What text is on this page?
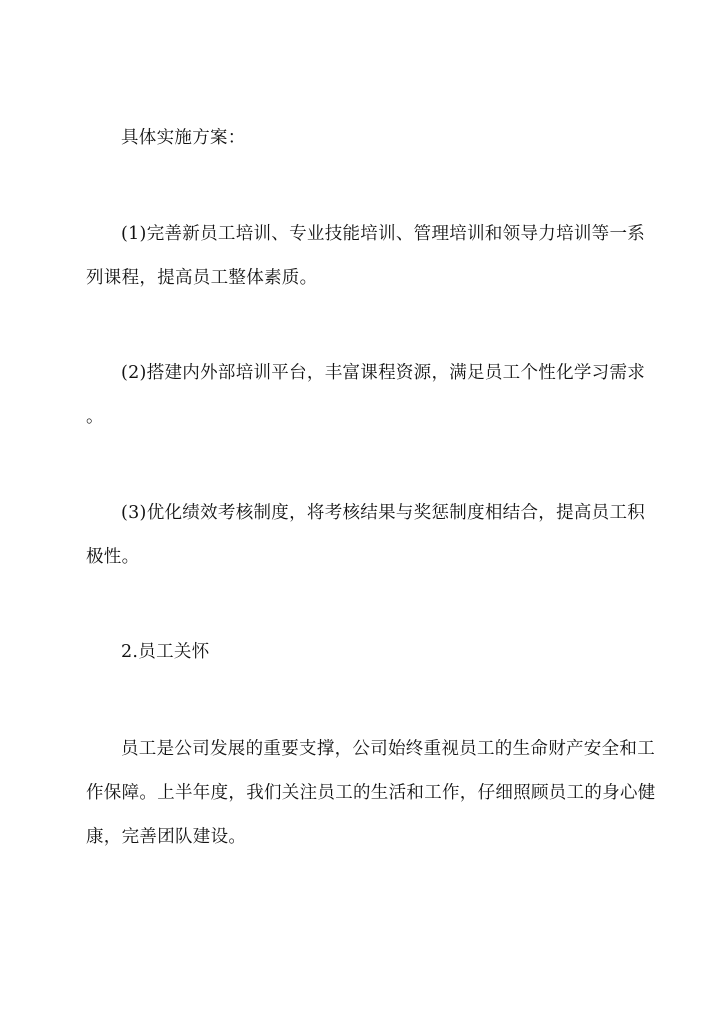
具体实施方案：

(1)完善新员工培训、专业技能培训、管理培训和领导力培训等一系

列课程，提高员工整体素质。

(2)搭建内外部培训平台，丰富课程资源，满足员工个性化学习需求

。

(3)优化绩效考核制度，将考核结果与奖惩制度相结合，提高员工积

极性。

2.员工关怀

员工是公司发展的重要支撑，公司始终重视员工的生命财产安全和工

作保障。上半年度，我们关注员工的生活和工作，仔细照顾员工的身心健

康，完善团队建设。
